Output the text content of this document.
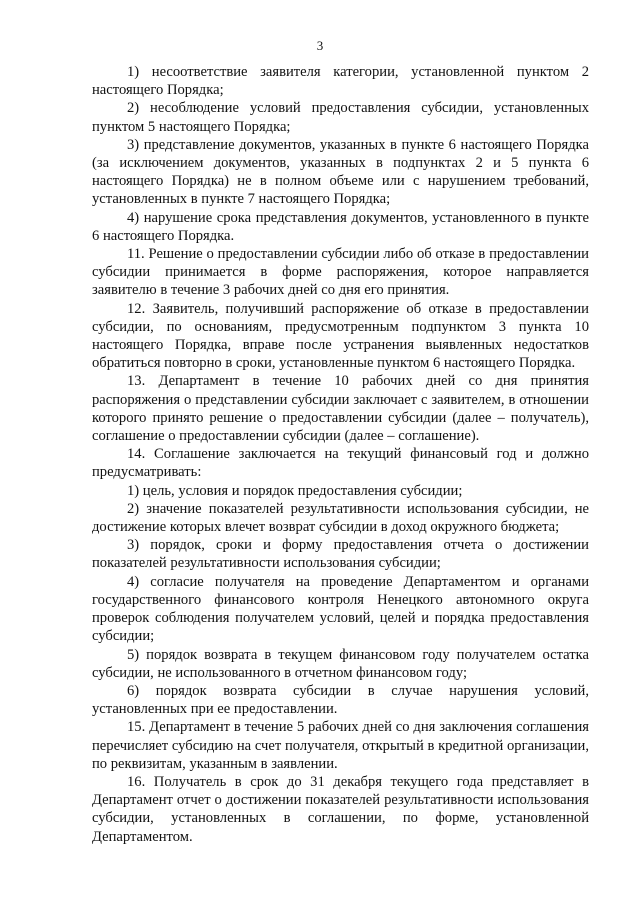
3

1) несоответствие заявителя категории, установленной пунктом 2 настоящего Порядка;

2) несоблюдение условий предоставления субсидии, установленных пунктом 5 настоящего Порядка;

3) представление документов, указанных в пункте 6 настоящего Порядка (за исключением документов, указанных в подпунктах 2 и 5 пункта 6 настоящего Порядка) не в полном объеме или с нарушением требований, установленных в пункте 7 настоящего Порядка;

4) нарушение срока представления документов, установленного в пункте 6 настоящего Порядка.

11. Решение о предоставлении субсидии либо об отказе в предоставлении субсидии принимается в форме распоряжения, которое направляется заявителю в течение 3 рабочих дней со дня его принятия.

12. Заявитель, получивший распоряжение об отказе в предоставлении субсидии, по основаниям, предусмотренным подпунктом 3 пункта 10 настоящего Порядка, вправе после устранения выявленных недостатков обратиться повторно в сроки, установленные пунктом 6 настоящего Порядка.

13. Департамент в течение 10 рабочих дней со дня принятия распоряжения о представлении субсидии заключает с заявителем, в отношении которого принято решение о предоставлении субсидии (далее – получатель), соглашение о предоставлении субсидии (далее – соглашение).

14. Соглашение заключается на текущий финансовый год и должно предусматривать:

1) цель, условия и порядок предоставления субсидии;

2) значение показателей результативности использования субсидии, не достижение которых влечет возврат субсидии в доход окружного бюджета;

3) порядок, сроки и форму предоставления отчета о достижении показателей результативности использования субсидии;

4) согласие получателя на проведение Департаментом и органами государственного финансового контроля Ненецкого автономного округа проверок соблюдения получателем условий, целей и порядка предоставления субсидии;

5) порядок возврата в текущем финансовом году получателем остатка субсидии, не использованного в отчетном финансовом году;

6) порядок возврата субсидии в случае нарушения условий, установленных при ее предоставлении.

15. Департамент в течение 5 рабочих дней со дня заключения соглашения перечисляет субсидию на счет получателя, открытый в кредитной организации, по реквизитам, указанным в заявлении.

16. Получатель в срок до 31 декабря текущего года представляет в Департамент отчет о достижении показателей результативности использования субсидии, установленных в соглашении, по форме, установленной Департаментом.
